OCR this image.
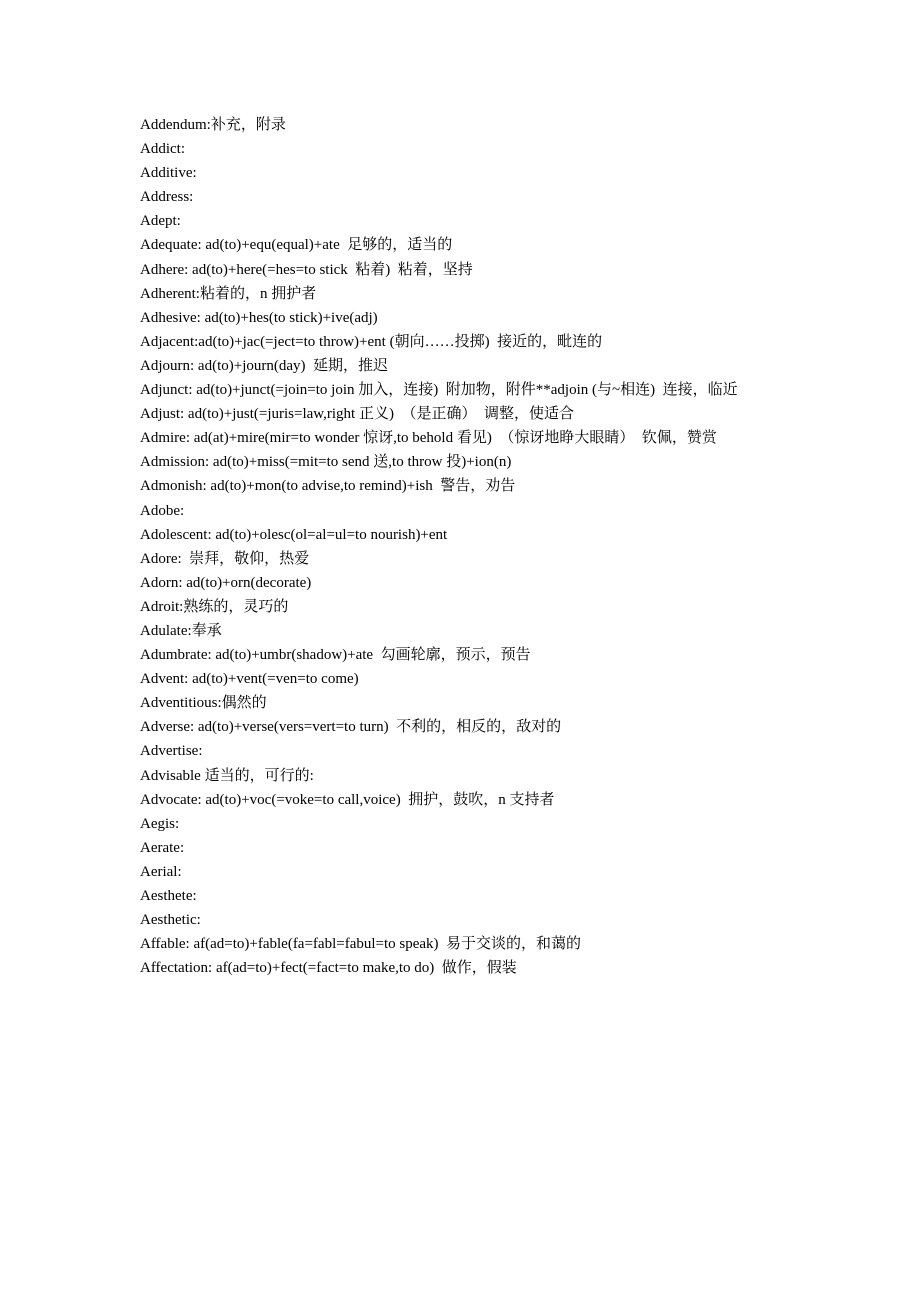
Addendum:补充，附录
Addict:
Additive:
Address:
Adept:
Adequate: ad(to)+equ(equal)+ate  足够的，适当的
Adhere: ad(to)+here(=hes=to stick  粘着)  粘着，坚持
Adherent:粘着的，n 拥护者
Adhesive: ad(to)+hes(to stick)+ive(adj)
Adjacent:ad(to)+jac(=ject=to throw)+ent (朝向……投掷)  接近的，毗连的
Adjourn: ad(to)+journ(day)  延期，推迟
Adjunct: ad(to)+junct(=join=to join 加入，连接)  附加物，附件**adjoin (与~相连)  连接，临近
Adjust: ad(to)+just(=juris=law,right 正义)  （是正确）  调整，使适合
Admire: ad(at)+mire(mir=to wonder 惊讶,to behold 看见)  （惊讶地睁大眼睛）  钦佩，赞赏
Admission: ad(to)+miss(=mit=to send 送,to throw 投)+ion(n)
Admonish: ad(to)+mon(to advise,to remind)+ish  警告，劝告
Adobe:
Adolescent: ad(to)+olesc(ol=al=ul=to nourish)+ent
Adore:  崇拜，敬仰，热爱
Adorn: ad(to)+orn(decorate)
Adroit:熟练的，灵巧的
Adulate:奉承
Adumbrate: ad(to)+umbr(shadow)+ate  勾画轮廓，预示，预告
Advent: ad(to)+vent(=ven=to come)
Adventitious:偶然的
Adverse: ad(to)+verse(vers=vert=to turn)  不利的，相反的，敌对的
Advertise:
Advisable 适当的，可行的:
Advocate: ad(to)+voc(=voke=to call,voice)  拥护，鼓吹，n 支持者
Aegis:
Aerate:
Aerial:
Aesthete:
Aesthetic:
Affable: af(ad=to)+fable(fa=fabl=fabul=to speak)  易于交谈的，和蔼的
Affectation: af(ad=to)+fect(=fact=to make,to do)  做作，假装
